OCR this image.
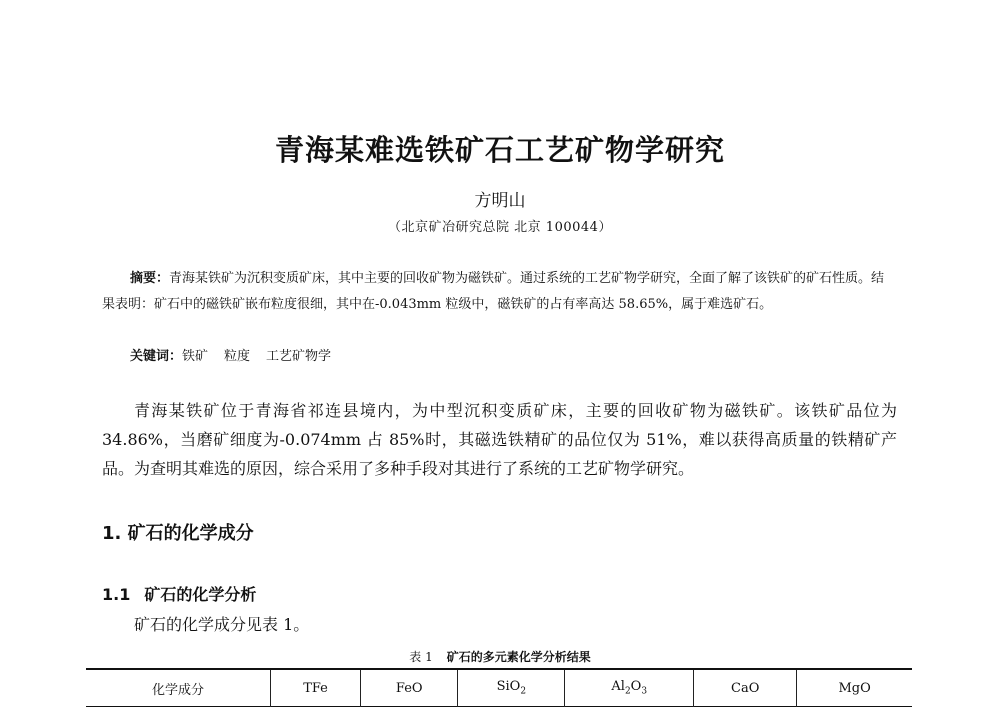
青海某难选铁矿石工艺矿物学研究
方明山
（北京矿冶研究总院 北京 100044）
摘要：青海某铁矿为沉积变质矿床，其中主要的回收矿物为磁铁矿。通过系统的工艺矿物学研究，全面了解了该铁矿的矿石性质。结果表明：矿石中的磁铁矿嵌布粒度很细，其中在-0.043mm 粒级中，磁铁矿的占有率高达 58.65%，属于难选矿石。
关键词：铁矿 粒度 工艺矿物学
青海某铁矿位于青海省祁连县境内，为中型沉积变质矿床，主要的回收矿物为磁铁矿。该铁矿品位为 34.86%，当磨矿细度为-0.074mm 占 85%时，其磁选铁精矿的品位仅为 51%，难以获得高质量的铁精矿产品。为查明其难选的原因，综合采用了多种手段对其进行了系统的工艺矿物学研究。
1. 矿石的化学成分
1.1 矿石的化学分析
矿石的化学成分见表 1。
表 1 矿石的多元素化学分析结果
化学成分	TFe	FeO	SiO$_2$	$Al_2O_3$	CaO	MgO
